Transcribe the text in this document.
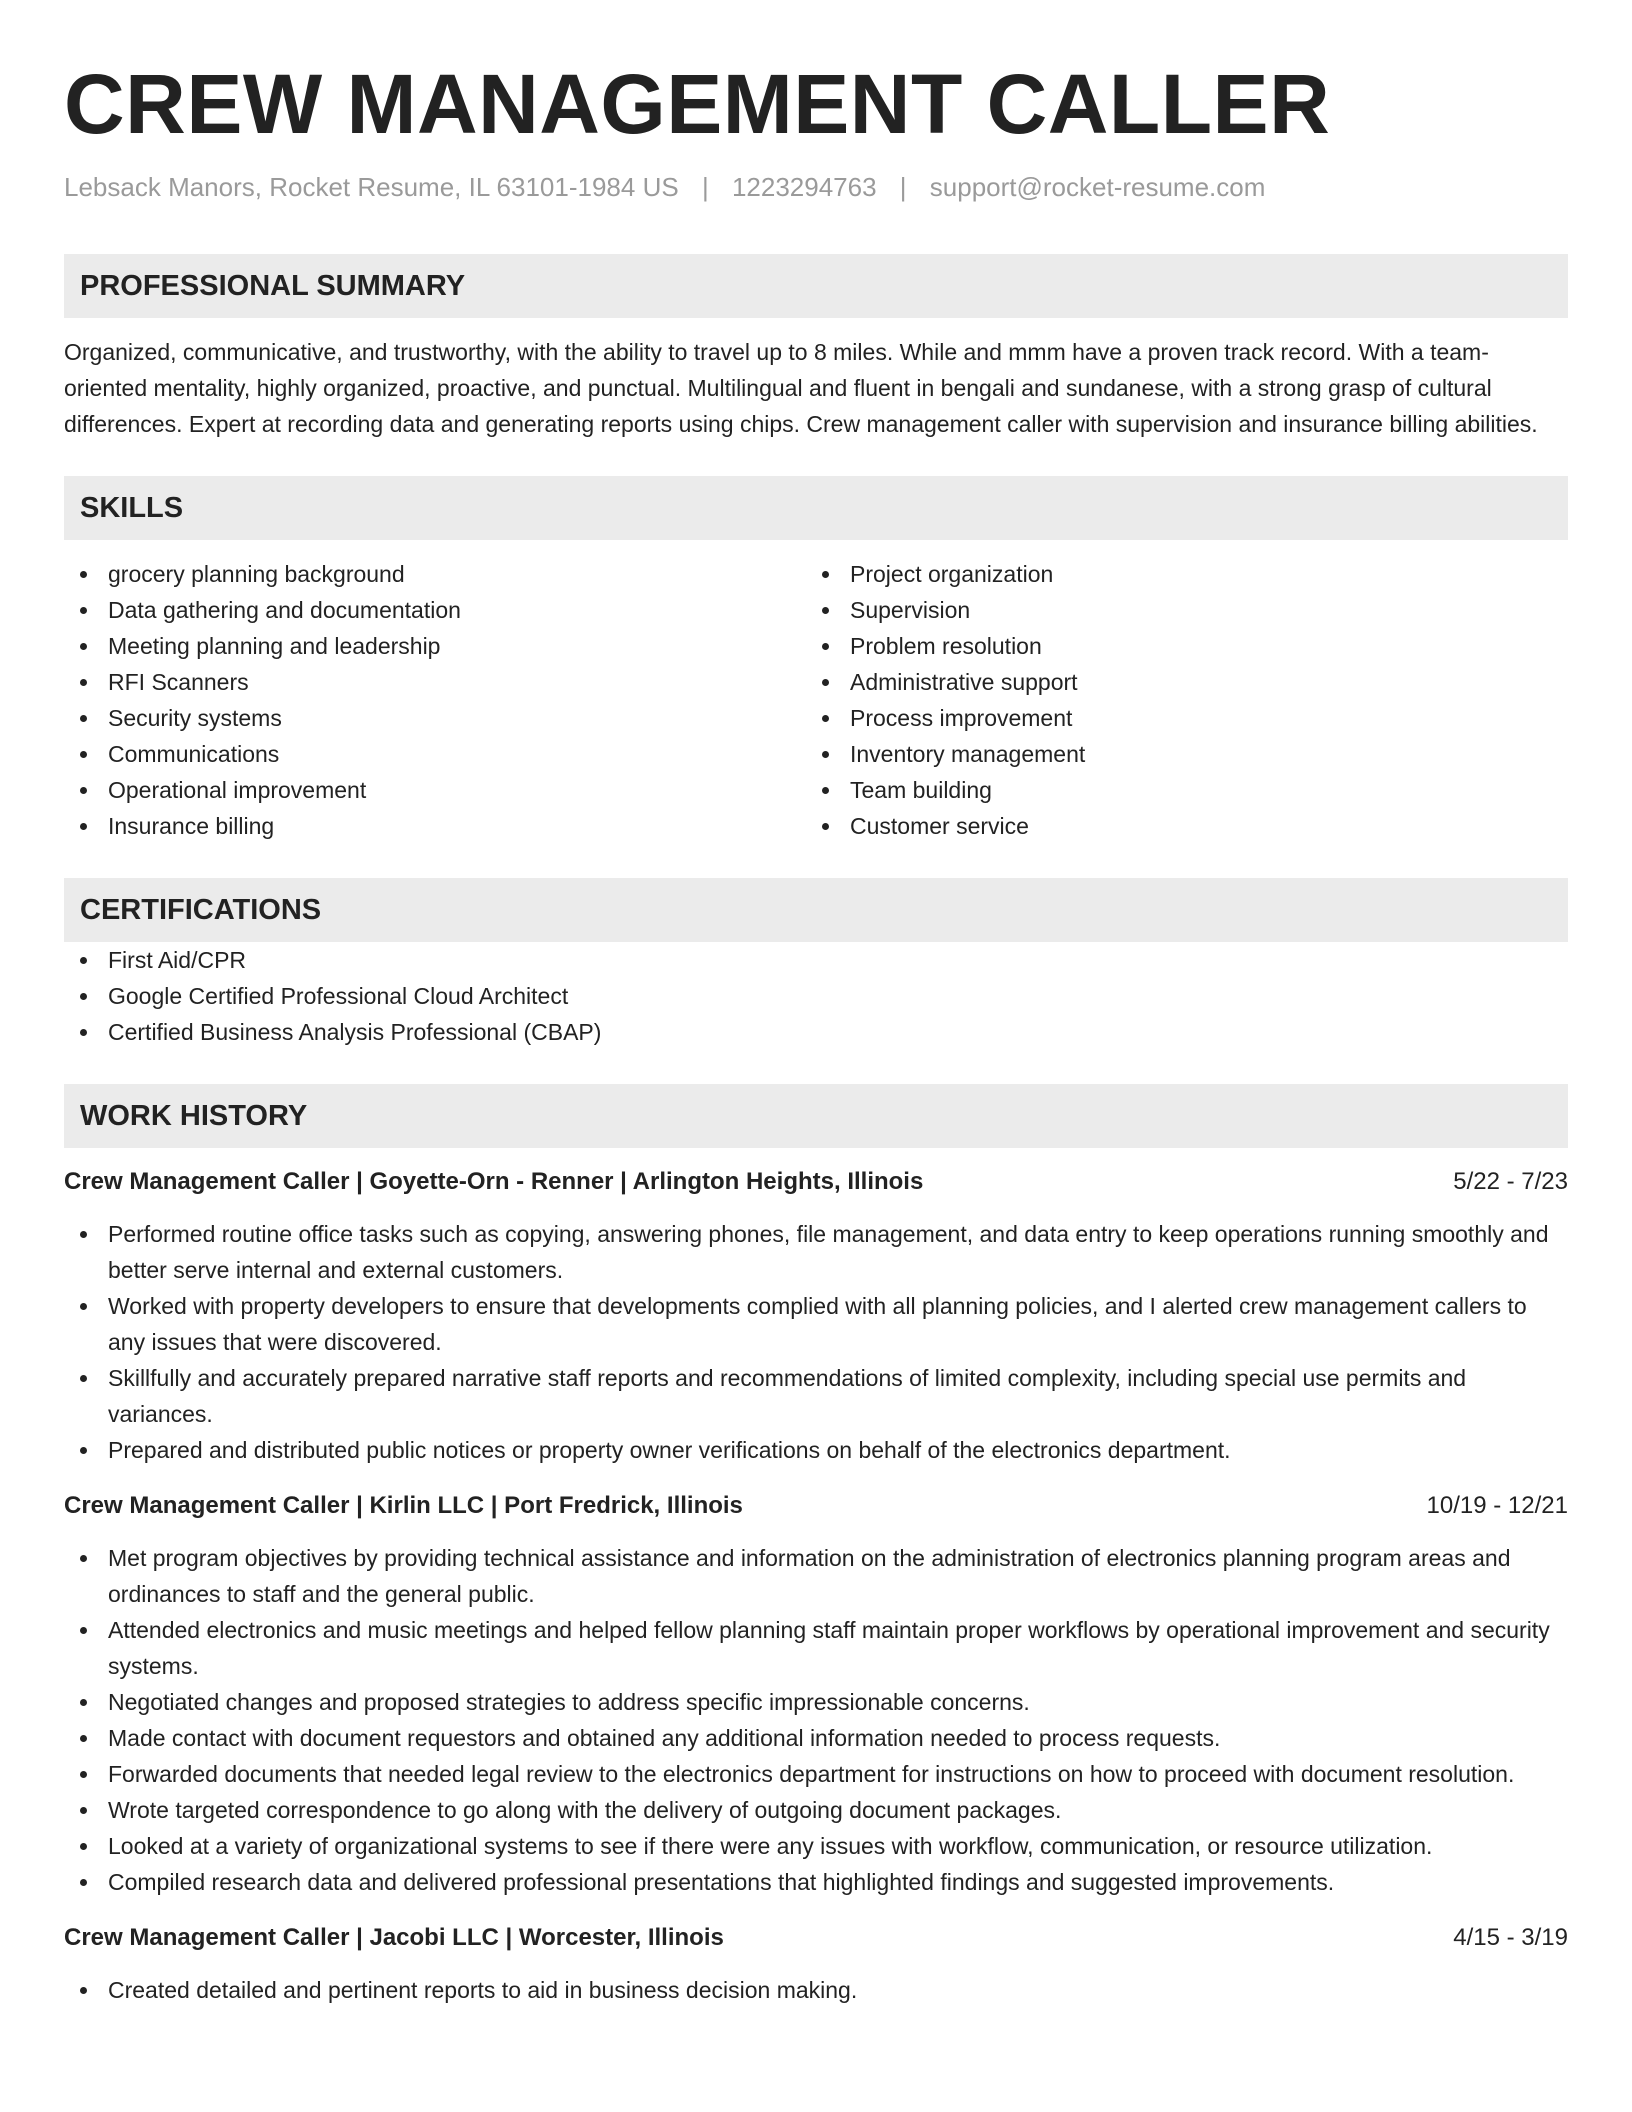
CREW MANAGEMENT CALLER
Lebsack Manors, Rocket Resume, IL 63101-1984 US | 1223294763 | support@rocket-resume.com
PROFESSIONAL SUMMARY
Organized, communicative, and trustworthy, with the ability to travel up to 8 miles. While and mmm have a proven track record. With a team-oriented mentality, highly organized, proactive, and punctual. Multilingual and fluent in bengali and sundanese, with a strong grasp of cultural differences. Expert at recording data and generating reports using chips. Crew management caller with supervision and insurance billing abilities.
SKILLS
grocery planning background
Data gathering and documentation
Meeting planning and leadership
RFI Scanners
Security systems
Communications
Operational improvement
Insurance billing
Project organization
Supervision
Problem resolution
Administrative support
Process improvement
Inventory management
Team building
Customer service
CERTIFICATIONS
First Aid/CPR
Google Certified Professional Cloud Architect
Certified Business Analysis Professional (CBAP)
WORK HISTORY
Crew Management Caller | Goyette-Orn - Renner | Arlington Heights, Illinois	5/22 - 7/23
Performed routine office tasks such as copying, answering phones, file management, and data entry to keep operations running smoothly and better serve internal and external customers.
Worked with property developers to ensure that developments complied with all planning policies, and I alerted crew management callers to any issues that were discovered.
Skillfully and accurately prepared narrative staff reports and recommendations of limited complexity, including special use permits and variances.
Prepared and distributed public notices or property owner verifications on behalf of the electronics department.
Crew Management Caller | Kirlin LLC | Port Fredrick, Illinois	10/19 - 12/21
Met program objectives by providing technical assistance and information on the administration of electronics planning program areas and ordinances to staff and the general public.
Attended electronics and music meetings and helped fellow planning staff maintain proper workflows by operational improvement and security systems.
Negotiated changes and proposed strategies to address specific impressionable concerns.
Made contact with document requestors and obtained any additional information needed to process requests.
Forwarded documents that needed legal review to the electronics department for instructions on how to proceed with document resolution.
Wrote targeted correspondence to go along with the delivery of outgoing document packages.
Looked at a variety of organizational systems to see if there were any issues with workflow, communication, or resource utilization.
Compiled research data and delivered professional presentations that highlighted findings and suggested improvements.
Crew Management Caller | Jacobi LLC | Worcester, Illinois	4/15 - 3/19
Created detailed and pertinent reports to aid in business decision making.
